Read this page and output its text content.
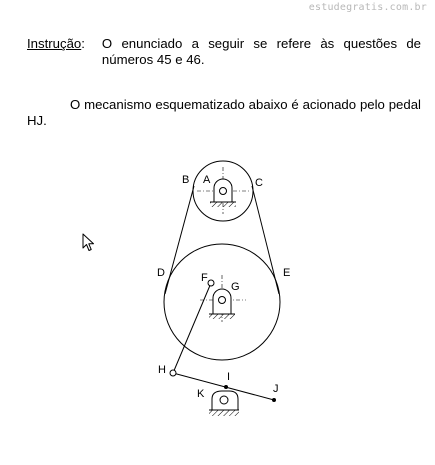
estudegratis.com.br
Instrução : O enunciado a seguir se refere às questões de números 45 e 46.
O mecanismo esquematizado abaixo é acionado pelo pedal HJ.
A
B	C
D	E
F
G
H
I
J
K
